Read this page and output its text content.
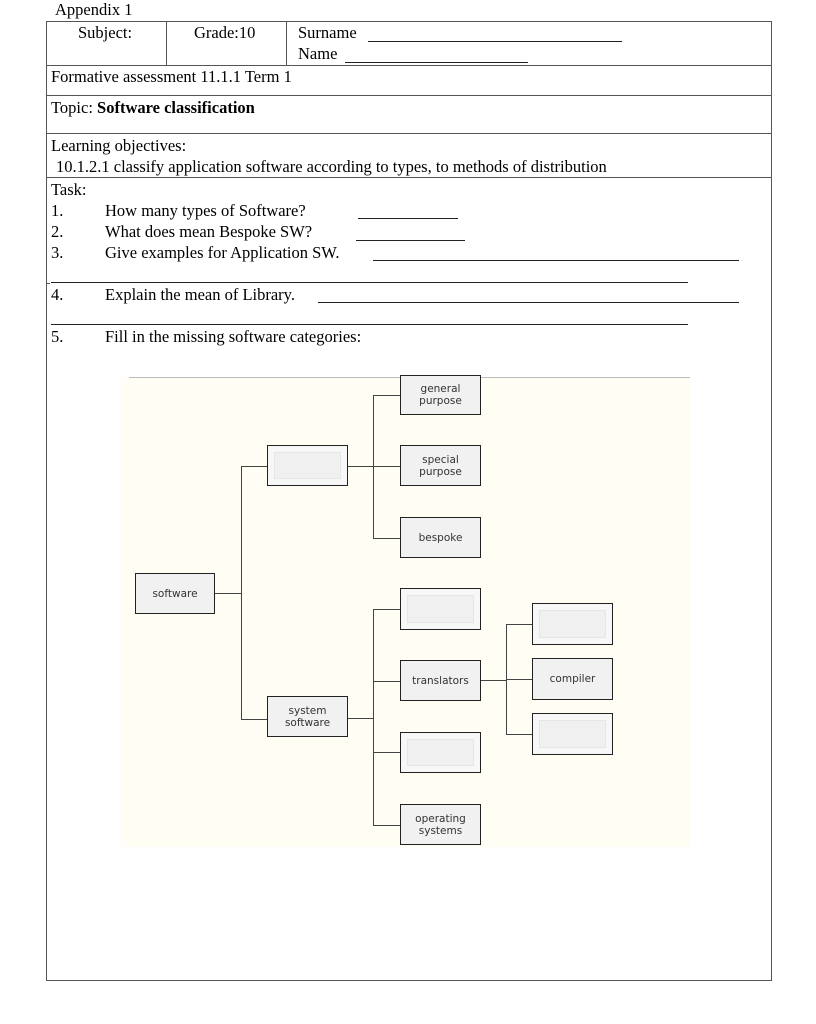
Appendix 1
Subject:	Grade:10	Surname
Name
Formative assessment 11.1.1 Term 1
Topic: Software classification
Learning objectives:
10.1.2.1 classify application software according to types, to methods of distribution
Task:
1.	How many types of Software?
2.	What does mean Bespoke SW?
3.	Give examples for Application SW.
4.	Explain the mean of Library.
5.	Fill in the missing software categories:
software
system
software
general
purpose
special
purpose
bespoke
translators
operating
systems
compiler
